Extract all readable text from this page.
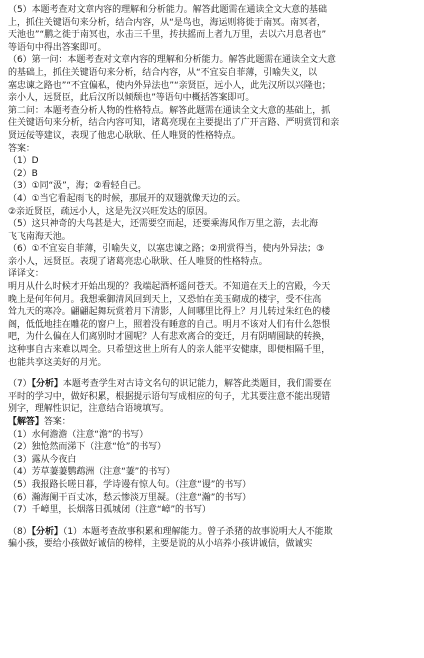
（5）本题考查对文章内容的理解和分析能力。解答此题需在通读全文大意的基础
上，抓住关键语句来分析，结合内容，从“是鸟也，海运则将徙于南冥。南冥者，
天池也”“鹏之徙于南冥也，水击三千里，抟扶摇而上者九万里，去以六月息者也”
等语句中得出答案即可。
（6）第一问：本题考查对文章内容的理解和分析能力。解答此题需在通读全文大意
的基础上，抓住关键语句来分析，结合内容，从“不宜妄自菲薄，引喻失义，以
塞忠谏之路也”“不宜偏私，使内外异法也”“亲贤臣，远小人，此先汉所以兴隆也；
亲小人，远贤臣，此后汉所以倾颓也”等语句中概括答案即可。
第二问：本题考查分析人物的性格特点。解答此题需在通读全文大意的基础上，抓
住关键语句来分析，结合内容可知，诸葛亮现在主要提出了广开言路、严明赏罚和亲
贤远佞等建议，表现了他忠心耿耿、任人唯贤的性格特点。
答案：
（1）D
（2）B
（3）①同“汲”，海；②看轻自己。
（4）①当它看起雨飞的时候，那展开的双翅就像天边的云。
②亲近贤臣，疏远小人，这是先汉兴旺发达的原因。
（5）这只神奇的大鸟甚是大，还需要空而起，还要乘海风作万里之游，去北海
飞飞南海天池。
（6）①不宜妄自菲薄，引喻失义，以塞忠谏之路；②刑赏得当，使内外异法；③
亲小人，远贤臣。表现了诸葛亮忠心耿耿、任人唯贤的性格特点。
译译文：
明月从什么时候才开始出现的？我端起酒杯遥问苍天。不知道在天上的宫殿，今天
晚上是何年何月。我想乘御清风回到天上，又恐怕在美玉砌成的楼宇，受不住高
耸九天的寒冷。翩翩起舞玩赏着月下清影，人间哪里比得上？月儿转过朱红色的楼
阁，低低地挂在雕花的窗户上，照着没有睡意的自己。明月不该对人们有什么怨恨
吧，为什么偏在人们离别时才圆呢？人有悲欢离合的变迁，月有阴晴圆缺的转换，
这种事自古来难以周全。只希望这世上所有人的亲人能平安健康，即便相隔千里，
也能共享这美好的月光。
（7）【分析】本题考查学生对古诗文名句的识记能力，解答此类题目，我们需要在
平时的学习中，做好积累，根据提示语句写成相应的句子，尤其要注意不能出现错
别字，理解性识记，注意结合语境填写。
【解答】答案：
（1）水何澹澹（注意“澹”的书写）
（2）独怆然而涕下（注意“怆”的书写）
（3）露从今夜白
（4）芳草萋萋鹦鹉洲（注意“萋”的书写）
（5）我报路长嗟日暮，学诗谩有惊人句。（注意“谩”的书写）
（6）瀚海阑干百丈冰，愁云惨淡万里凝。（注意“瀚”的书写）
（7）千嶂里，长烟落日孤城闭（注意“嶂”的书写）
（8）【分析】（1）本题考查故事积累和理解能力。曾子杀猪的故事说明大人不能欺
骗小孩，要给小孩做好诚信的榜样，主要是说的从小培养小孩讲诚信，做诚实
